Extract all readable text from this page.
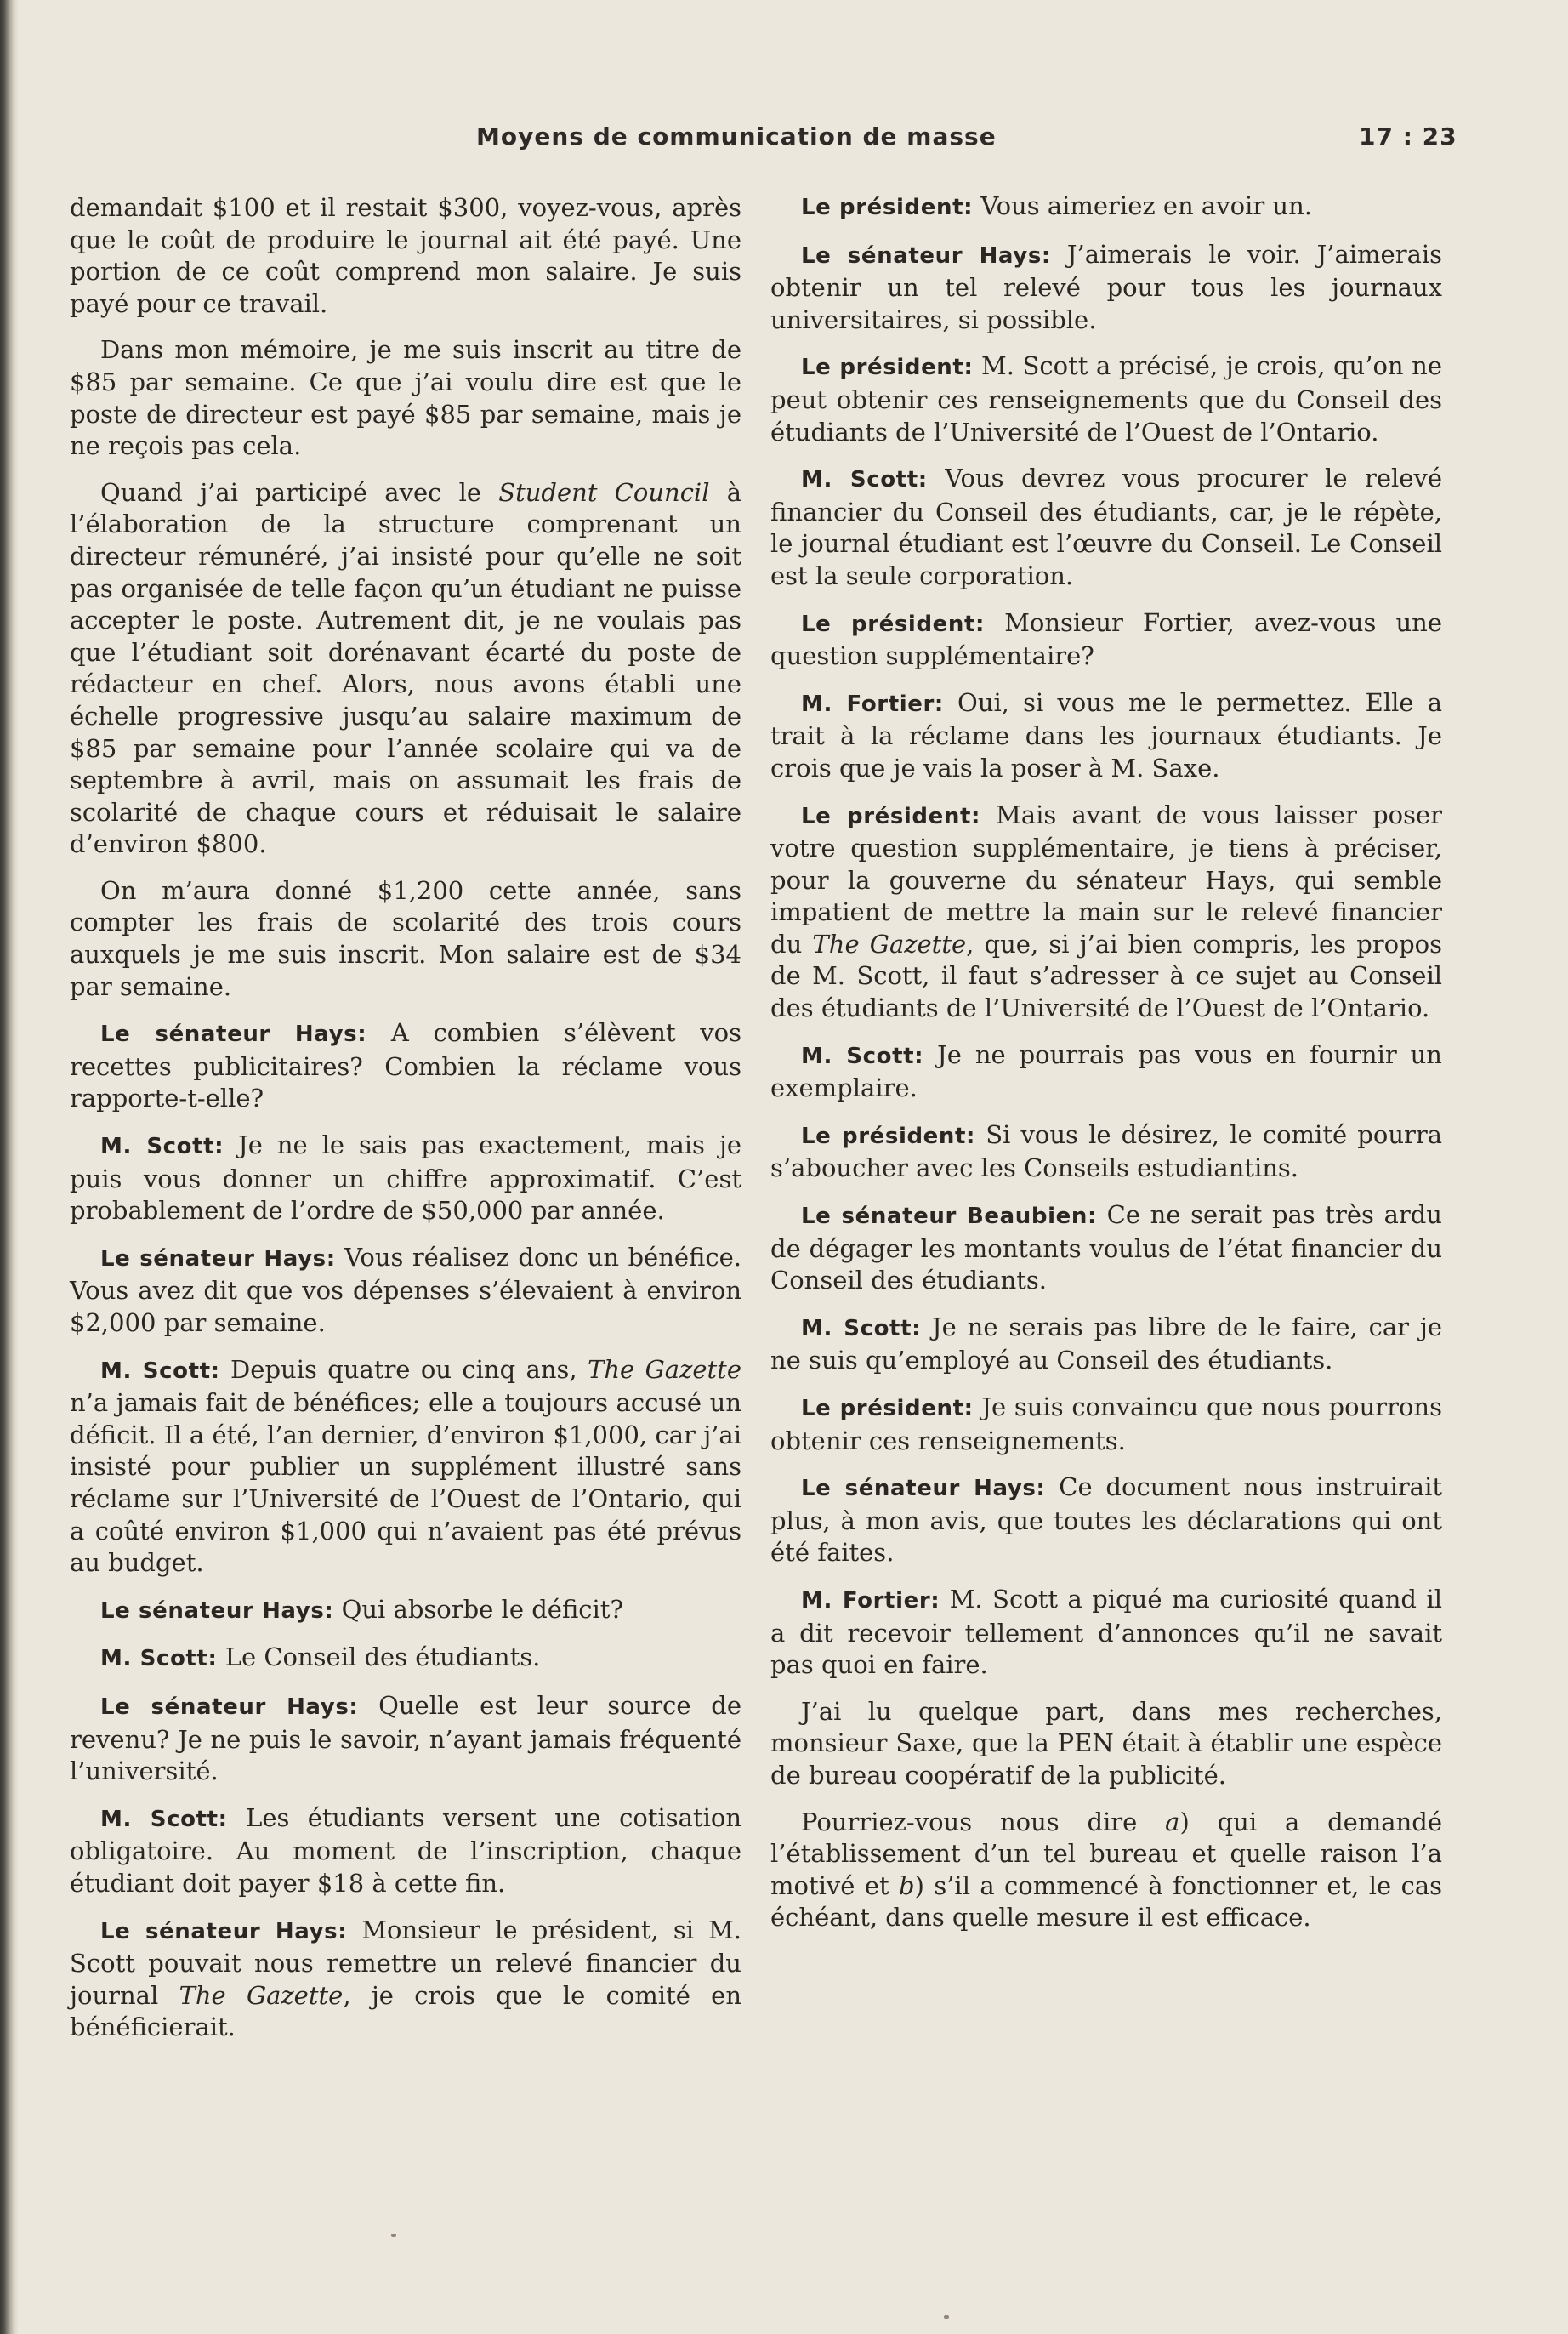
Moyens de communication de masse	17 : 23

demandait $100 et il restait $300, voyez-vous, après que le coût de produire le journal ait été payé. Une portion de ce coût comprend mon salaire. Je suis payé pour ce travail.

Dans mon mémoire, je me suis inscrit au titre de $85 par semaine. Ce que j’ai voulu dire est que le poste de directeur est payé $85 par semaine, mais je ne reçois pas cela.

Quand j’ai participé avec le Student Council à l’élaboration de la structure comprenant un directeur rémunéré, j’ai insisté pour qu’elle ne soit pas organisée de telle façon qu’un étudiant ne puisse accepter le poste. Autrement dit, je ne voulais pas que l’étudiant soit dorénavant écarté du poste de rédacteur en chef. Alors, nous avons établi une échelle progressive jusqu’au salaire maximum de $85 par semaine pour l’année scolaire qui va de septembre à avril, mais on assumait les frais de scolarité de chaque cours et réduisait le salaire d’environ $800.

On m’aura donné $1,200 cette année, sans compter les frais de scolarité des trois cours auxquels je me suis inscrit. Mon salaire est de $34 par semaine.

Le sénateur Hays: A combien s’élèvent vos recettes publicitaires? Combien la réclame vous rapporte-t-elle?

M. Scott: Je ne le sais pas exactement, mais je puis vous donner un chiffre approximatif. C’est probablement de l’ordre de $50,000 par année.

Le sénateur Hays: Vous réalisez donc un bénéfice. Vous avez dit que vos dépenses s’élevaient à environ $2,000 par semaine.

M. Scott: Depuis quatre ou cinq ans, The Gazette n’a jamais fait de bénéfices; elle a toujours accusé un déficit. Il a été, l’an dernier, d’environ $1,000, car j’ai insisté pour publier un supplément illustré sans réclame sur l’Université de l’Ouest de l’Ontario, qui a coûté environ $1,000 qui n’avaient pas été prévus au budget.

Le sénateur Hays: Qui absorbe le déficit?

M. Scott: Le Conseil des étudiants.

Le sénateur Hays: Quelle est leur source de revenu? Je ne puis le savoir, n’ayant jamais fréquenté l’université.

M. Scott: Les étudiants versent une cotisation obligatoire. Au moment de l’inscription, chaque étudiant doit payer $18 à cette fin.

Le sénateur Hays: Monsieur le président, si M. Scott pouvait nous remettre un relevé financier du journal The Gazette, je crois que le comité en bénéficierait.

Le président: Vous aimeriez en avoir un.

Le sénateur Hays: J’aimerais le voir. J’aimerais obtenir un tel relevé pour tous les journaux universitaires, si possible.

Le président: M. Scott a précisé, je crois, qu’on ne peut obtenir ces renseignements que du Conseil des étudiants de l’Université de l’Ouest de l’Ontario.

M. Scott: Vous devrez vous procurer le relevé financier du Conseil des étudiants, car, je le répète, le journal étudiant est l’œuvre du Conseil. Le Conseil est la seule corporation.

Le président: Monsieur Fortier, avez-vous une question supplémentaire?

M. Fortier: Oui, si vous me le permettez. Elle a trait à la réclame dans les journaux étudiants. Je crois que je vais la poser à M. Saxe.

Le président: Mais avant de vous laisser poser votre question supplémentaire, je tiens à préciser, pour la gouverne du sénateur Hays, qui semble impatient de mettre la main sur le relevé financier du The Gazette, que, si j’ai bien compris, les propos de M. Scott, il faut s’adresser à ce sujet au Conseil des étudiants de l’Université de l’Ouest de l’Ontario.

M. Scott: Je ne pourrais pas vous en fournir un exemplaire.

Le président: Si vous le désirez, le comité pourra s’aboucher avec les Conseils estudiantins.

Le sénateur Beaubien: Ce ne serait pas très ardu de dégager les montants voulus de l’état financier du Conseil des étudiants.

M. Scott: Je ne serais pas libre de le faire, car je ne suis qu’employé au Conseil des étudiants.

Le président: Je suis convaincu que nous pourrons obtenir ces renseignements.

Le sénateur Hays: Ce document nous instruirait plus, à mon avis, que toutes les déclarations qui ont été faites.

M. Fortier: M. Scott a piqué ma curiosité quand il a dit recevoir tellement d’annonces qu’il ne savait pas quoi en faire.

J’ai lu quelque part, dans mes recherches, monsieur Saxe, que la PEN était à établir une espèce de bureau coopératif de la publicité.

Pourriez-vous nous dire a) qui a demandé l’établissement d’un tel bureau et quelle raison l’a motivé et b) s’il a commencé à fonctionner et, le cas échéant, dans quelle mesure il est efficace.
